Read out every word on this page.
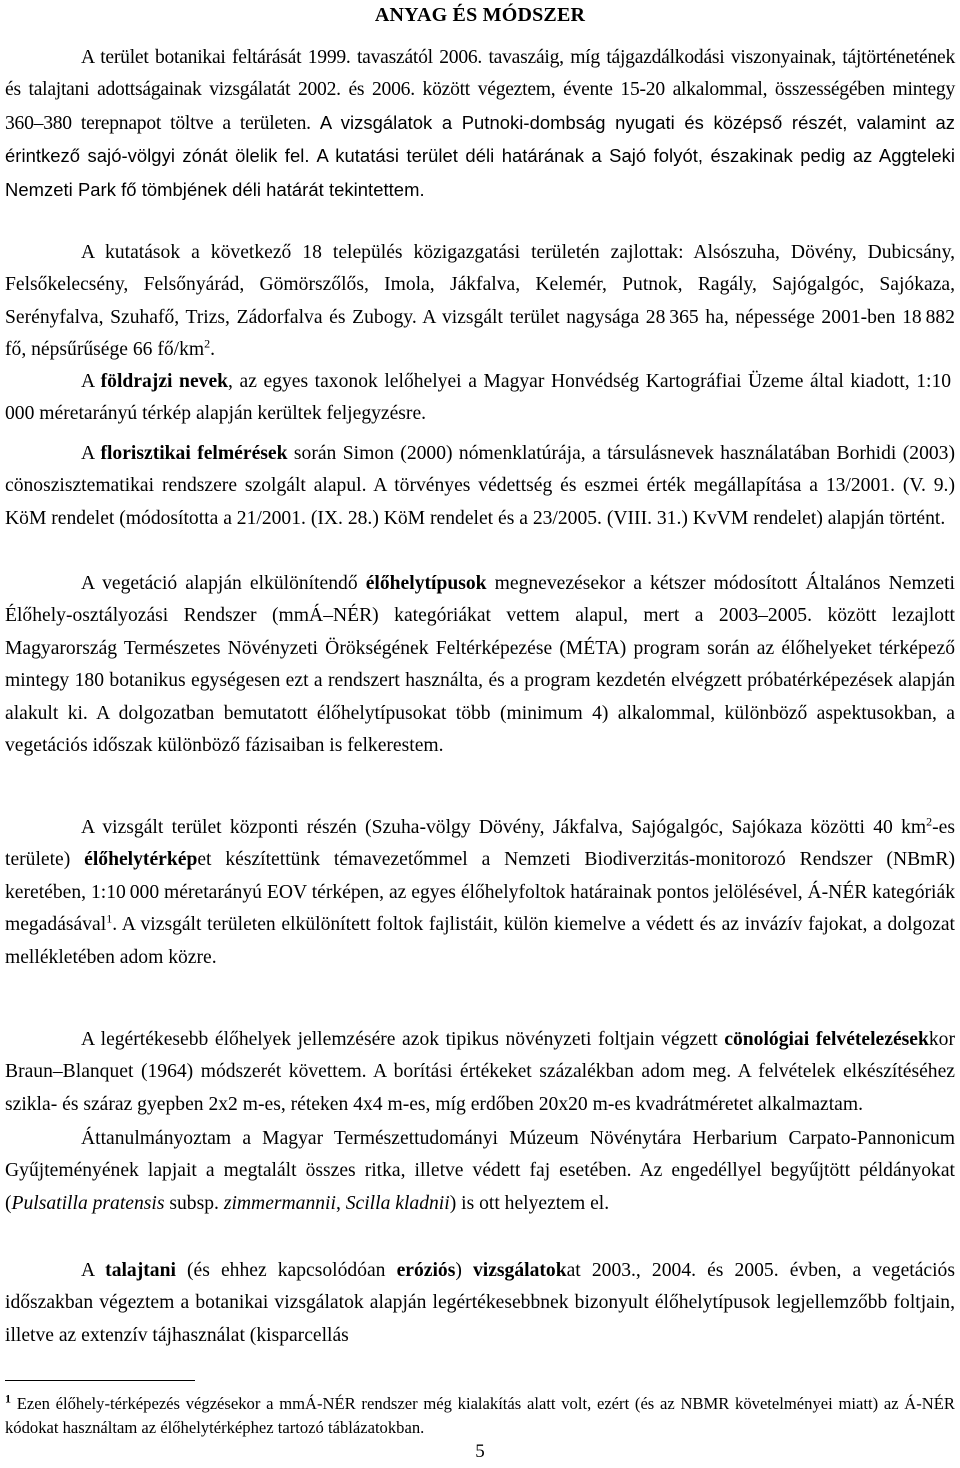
ANYAG ÉS MÓDSZER

A terület botanikai feltárását 1999. tavaszától 2006. tavaszáig, míg tájgazdálkodási viszonyainak, tájtörténetének és talajtani adottságainak vizsgálatát 2002. és 2006. között végeztem, évente 15-20 alkalommal, összességében mintegy 360–380 terepnapot töltve a területen. A vizsgálatok a Putnoki-dombság nyugati és középső részét, valamint az érintkező sajó-völgyi zónát ölelik fel. A kutatási terület déli határának a Sajó folyót, északinak pedig az Aggteleki Nemzeti Park fő tömbjének déli határát tekintettem.

A kutatások a következő 18 település közigazgatási területén zajlottak: Alsószuha, Dövény, Dubicsány, Felsőkelecsény, Felsőnyárád, Gömörszőlős, Imola, Jákfalva, Kelemér, Putnok, Ragály, Sajógalgóc, Sajókaza, Serényfalva, Szuhafő, Trizs, Zádorfalva és Zubogy. A vizsgált terület nagysága 28 365 ha, népessége 2001-ben 18 882 fő, népsűrűsége 66 $fő/km^2$.

A földrajzi nevek, az egyes taxonok lelőhelyei a Magyar Honvédség Kartográfiai Üzeme által kiadott, 1:10 000 méretarányú térkép alapján kerültek feljegyzésre.

A florisztikai felmérések során Simon (2000) nómenklatúrája, a társulásnevek használatában Borhidi (2003) cönoszisztematikai rendszere szolgált alapul. A törvényes védettség és eszmei érték megállapítása a 13/2001. (V. 9.) KöM rendelet (módosította a 21/2001. (IX. 28.) KöM rendelet és a 23/2005. (VIII. 31.) KvVM rendelet) alapján történt.

A vegetáció alapján elkülönítendő élőhelytípusok megnevezésekor a kétszer módosított Általános Nemzeti Élőhely-osztályozási Rendszer (mmÁ–NÉR) kategóriákat vettem alapul, mert a 2003–2005. között lezajlott Magyarország Természetes Növényzeti Örökségének Feltérképezése (MÉTA) program során az élőhelyeket térképező mintegy 180 botanikus egységesen ezt a rendszert használta, és a program kezdetén elvégzett próbatérképezések alapján alakult ki. A dolgozatban bemutatott élőhelytípusokat több (minimum 4) alkalommal, különböző aspektusokban, a vegetációs időszak különböző fázisaiban is felkerestem.

A vizsgált terület központi részén (Szuha-völgy Dövény, Jákfalva, Sajógalgóc, Sajókaza közötti 40 $km^2-es$ területe) élőhelytérképet készítettünk témavezetőmmel a Nemzeti Biodiverzitás-monitorozó Rendszer (NBmR) keretében, 1:10 000 méretarányú EOV térképen, az egyes élőhelyfoltok határainak pontos jelölésével, Á-NÉR kategóriák megadásával$^1$. A vizsgált területen elkülönített foltok fajlistáit, külön kiemelve a védett és az invázív fajokat, a dolgozat mellékletében adom közre.

A legértékesebb élőhelyek jellemzésére azok tipikus növényzeti foltjain végzett cönológiai felvételezésekkor Braun–Blanquet (1964) módszerét követtem. A borítási értékeket százalékban adom meg. A felvételek elkészítéséhez szikla- és száraz gyepben 2x2 m-es, réteken 4x4 m-es, míg erdőben 20x20 m-es kvadrátméretet alkalmaztam.

Áttanulmányoztam a Magyar Természettudományi Múzeum Növénytára Herbarium Carpato-Pannonicum Gyűjteményének lapjait a megtalált összes ritka, illetve védett faj esetében. Az engedéllyel begyűjtött példányokat (Pulsatilla pratensis subsp. zimmermannii, Scilla kladnii) is ott helyeztem el.

A talajtani (és ehhez kapcsolódóan eróziós) vizsgálatokat 2003., 2004. és 2005. évben, a vegetációs időszakban végeztem a botanikai vizsgálatok alapján legértékesebbnek bizonyult élőhelytípusok legjellemzőbb foltjain, illetve az extenzív tájhasználat (kisparcellás

$^1$ Ezen élőhely-térképezés végzésekor a mmÁ-NÉR rendszer még kialakítás alatt volt, ezért (és az NBMR követelményei miatt) az Á-NÉR kódokat használtam az élőhelytérképhez tartozó táblázatokban.

5
